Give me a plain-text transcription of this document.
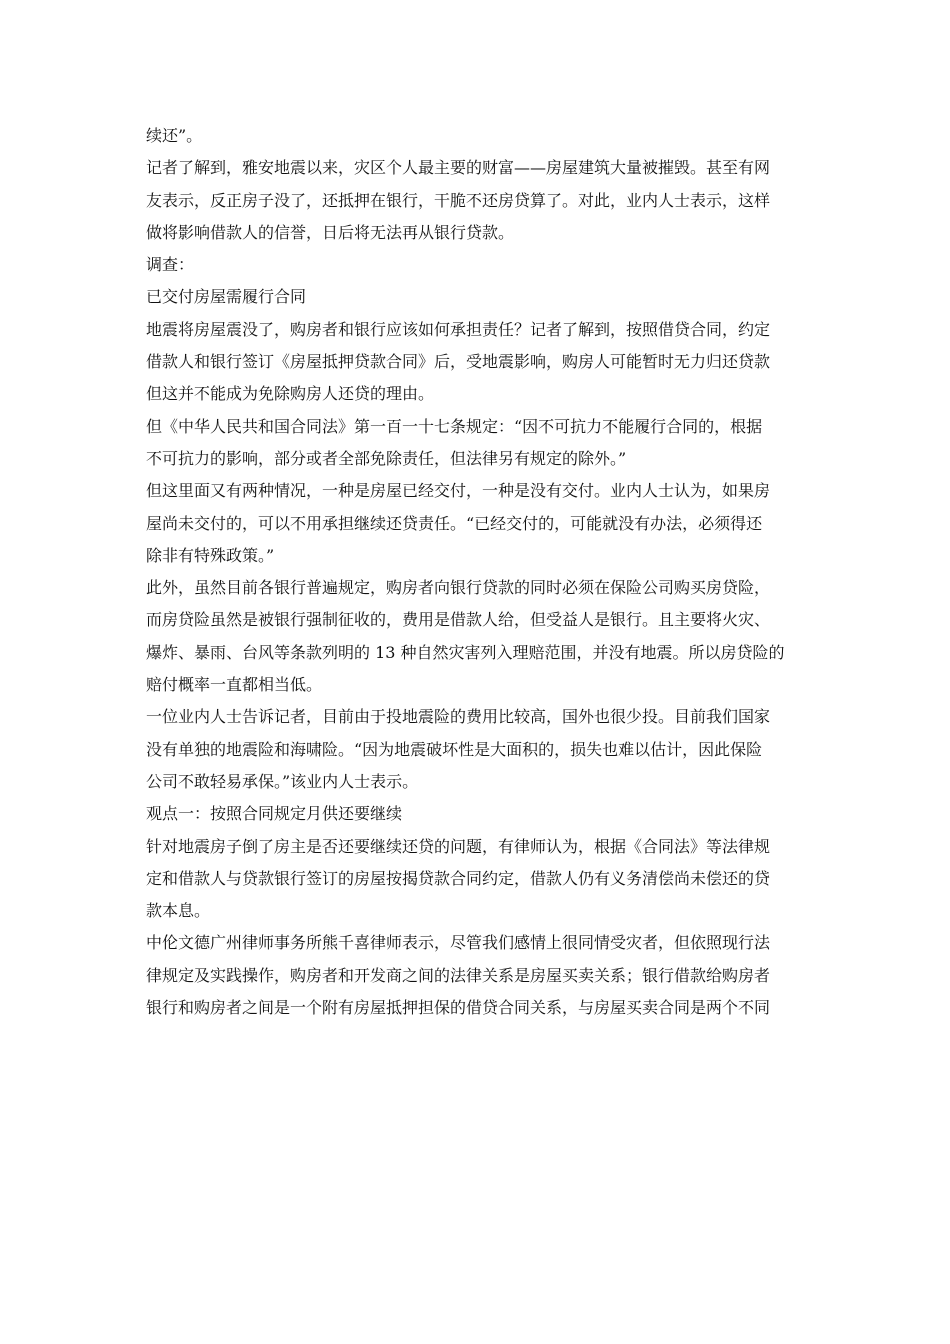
续还”。
记者了解到，雅安地震以来，灾区个人最主要的财富——房屋建筑大量被摧毁。甚至有网
友表示，反正房子没了，还抵押在银行，干脆不还房贷算了。对此，业内人士表示，这样
做将影响借款人的信誉，日后将无法再从银行贷款。
调查：
已交付房屋需履行合同
地震将房屋震没了，购房者和银行应该如何承担责任？记者了解到，按照借贷合同，约定
借款人和银行签订《房屋抵押贷款合同》后，受地震影响，购房人可能暂时无力归还贷款
但这并不能成为免除购房人还贷的理由。
但《中华人民共和国合同法》第一百一十七条规定：“因不可抗力不能履行合同的，根据
不可抗力的影响，部分或者全部免除责任，但法律另有规定的除外。”
但这里面又有两种情况，一种是房屋已经交付，一种是没有交付。业内人士认为，如果房
屋尚未交付的，可以不用承担继续还贷责任。“已经交付的，可能就没有办法，必须得还
除非有特殊政策。”
此外，虽然目前各银行普遍规定，购房者向银行贷款的同时必须在保险公司购买房贷险，
而房贷险虽然是被银行强制征收的，费用是借款人给，但受益人是银行。且主要将火灾、
爆炸、暴雨、台风等条款列明的 13 种自然灾害列入理赔范围，并没有地震。所以房贷险的
赔付概率一直都相当低。
一位业内人士告诉记者，目前由于投地震险的费用比较高，国外也很少投。目前我们国家
没有单独的地震险和海啸险。“因为地震破坏性是大面积的，损失也难以估计，因此保险
公司不敢轻易承保。”该业内人士表示。
观点一：按照合同规定月供还要继续
针对地震房子倒了房主是否还要继续还贷的问题，有律师认为，根据《合同法》等法律规
定和借款人与贷款银行签订的房屋按揭贷款合同约定，借款人仍有义务清偿尚未偿还的贷
款本息。
中伦文德广州律师事务所熊千喜律师表示，尽管我们感情上很同情受灾者，但依照现行法
律规定及实践操作，购房者和开发商之间的法律关系是房屋买卖关系；银行借款给购房者
银行和购房者之间是一个附有房屋抵押担保的借贷合同关系，与房屋买卖合同是两个不同
